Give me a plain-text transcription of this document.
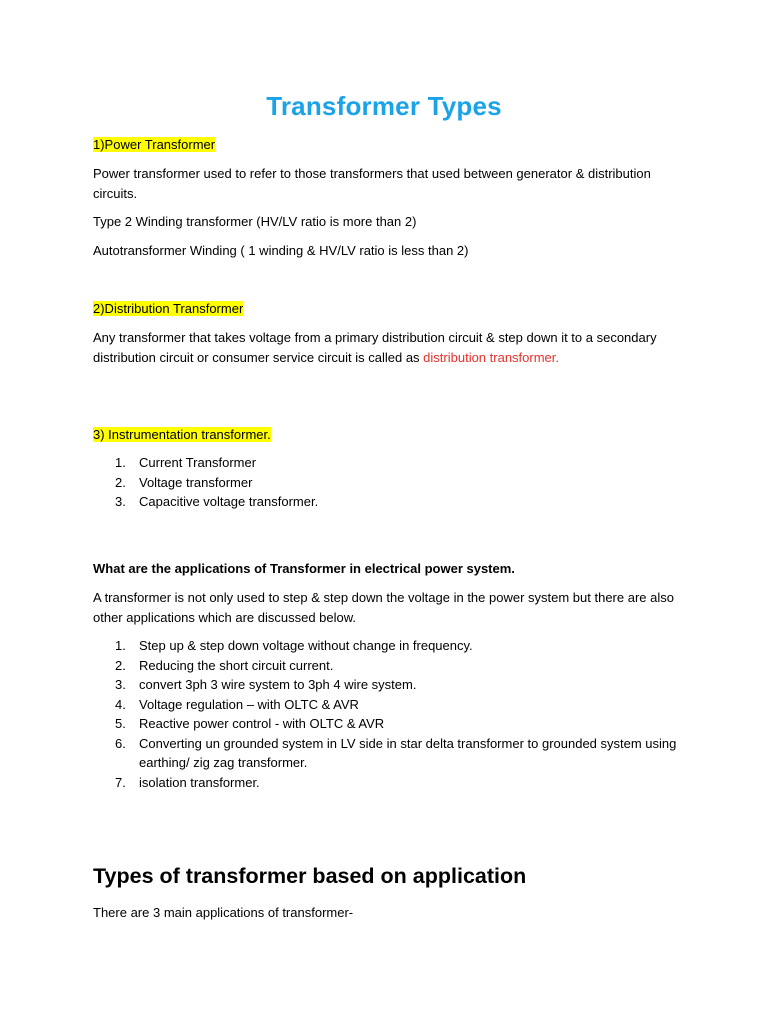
Transformer Types
1)Power Transformer
Power transformer used to refer to those transformers that used between generator & distribution circuits.
Type 2 Winding transformer (HV/LV ratio is more than 2)
Autotransformer Winding ( 1 winding & HV/LV ratio is less than 2)
2)Distribution Transformer
Any transformer that takes voltage from a primary distribution circuit & step down it to a secondary distribution circuit or consumer service circuit is called as distribution transformer.
3) Instrumentation transformer.
1. Current Transformer
2. Voltage transformer
3. Capacitive voltage transformer.
What are the applications of Transformer in electrical power system.
A transformer is not only used to step & step down the voltage in the power system but there are also other applications which are discussed below.
1. Step up & step down voltage without change in frequency.
2. Reducing the short circuit current.
3. convert 3ph 3 wire system to 3ph 4 wire system.
4. Voltage regulation – with OLTC & AVR
5. Reactive power control - with OLTC & AVR
6. Converting un grounded system in LV side in star delta transformer to grounded system using earthing/ zig zag transformer.
7. isolation transformer.
Types of transformer based on application
There are 3 main applications of transformer-
